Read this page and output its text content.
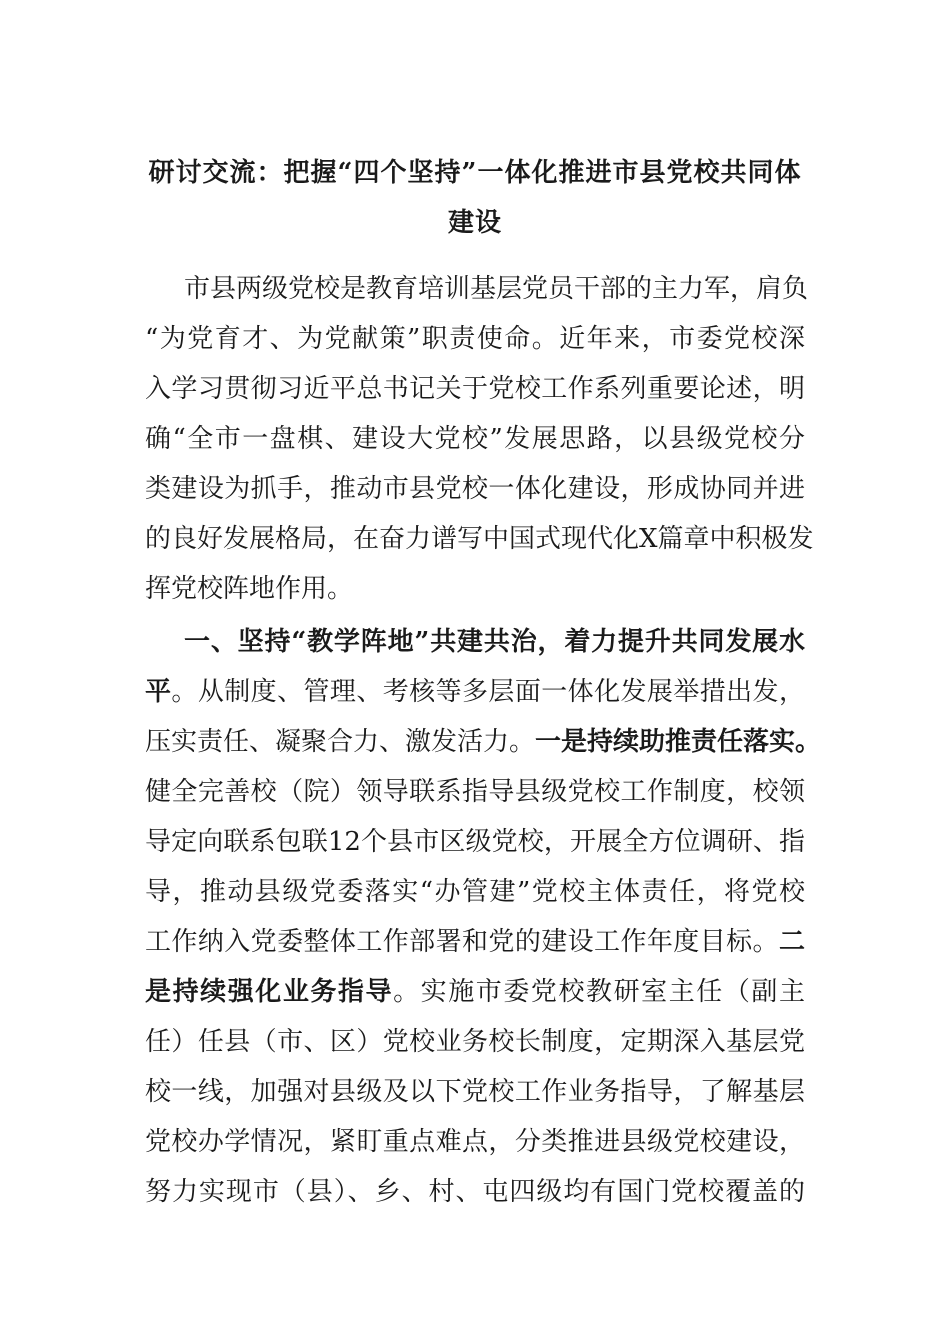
研讨交流：把握“四个坚持”一体化推进市县党校共同体
建设
市县两级党校是教育培训基层党员干部的主力军，肩负
“为党育才、为党献策”职责使命。近年来，市委党校深
入学习贯彻习近平总书记关于党校工作系列重要论述，明
确“全市一盘棋、建设大党校”发展思路，以县级党校分
类建设为抓手，推动市县党校一体化建设，形成协同并进
的良好发展格局，在奋力谱写中国式现代化X篇章中积极发
挥党校阵地作用。
一、坚持“教学阵地”共建共治，着力提升共同发展水
平。从制度、管理、考核等多层面一体化发展举措出发，
压实责任、凝聚合力、激发活力。一是持续助推责任落实。
健全完善校（院）领导联系指导县级党校工作制度，校领
导定向联系包联12个县市区级党校，开展全方位调研、指
导，推动县级党委落实“办管建”党校主体责任，将党校
工作纳入党委整体工作部署和党的建设工作年度目标。二
是持续强化业务指导。实施市委党校教研室主任（副主
任）任县（市、区）党校业务校长制度，定期深入基层党
校一线，加强对县级及以下党校工作业务指导，了解基层
党校办学情况，紧盯重点难点，分类推进县级党校建设，
努力实现市（县）、乡、村、屯四级均有国门党校覆盖的
